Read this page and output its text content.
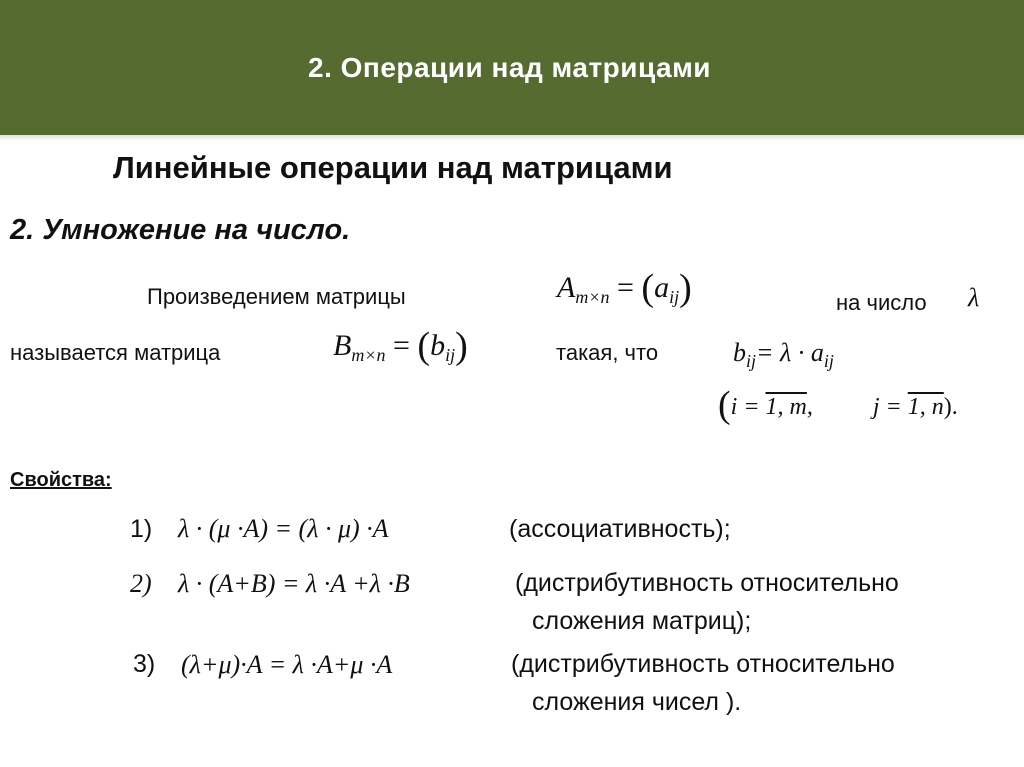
2. Операции над матрицами
Линейные операции над матрицами
2. Умножение на число.
Произведением матрицы	$A_{m\times n} = (a_{ij})$	на число λ
называется матрица	$B_{m\times n} = (b_{ij})$	такая, что	$b_{ij}= \lambda \cdot a_{ij}$
(i = 1, m,	j = 1, n).
Свойства:
1) λ · (μ ·A) = (λ · μ) ·A	(ассоциативность);
2) λ · (A+B) = λ ·A +λ ·B	(дистрибутивность относительно
сложения матриц);
3) (λ+μ)·A = λ ·A+μ ·A	(дистрибутивность относительно
сложения чисел ).
